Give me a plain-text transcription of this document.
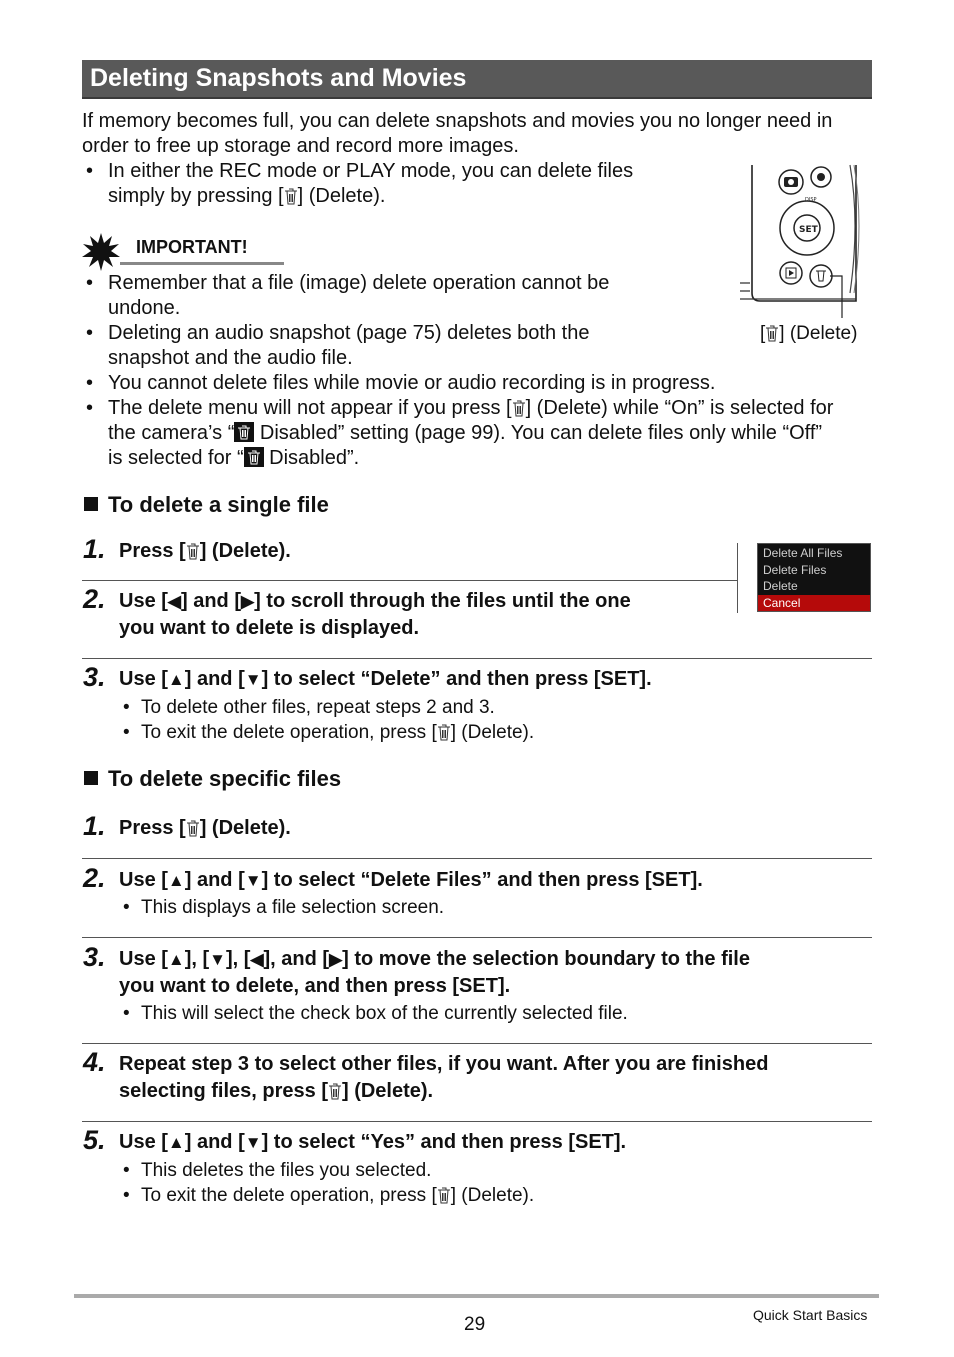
Deleting Snapshots and Movies
If memory becomes full, you can delete snapshots and movies you no longer need in
order to free up storage and record more images.
• In either the REC mode or PLAY mode, you can delete files
simply by pressing [ ] (Delete).	DISP
SET
[ ] (Delete)
IMPORTANT!
• Remember that a file (image) delete operation cannot be
undone.
• Deleting an audio snapshot (page 75) deletes both the
snapshot and the audio file.
• You cannot delete files while movie or audio recording is in progress.
• The delete menu will not appear if you press [ ] (Delete) while “On” is selected for
the camera’s “ Disabled” setting (page 99). You can delete files only while “Off”
is selected for “ Disabled”.
To delete a single file
1. Press [ ] (Delete).	Delete All Files
Delete Files
Delete
Cancel
2. Use [◀] and [▶] to scroll through the files until the one
you want to delete is displayed.
3. Use [▲] and [▼] to select “Delete” and then press [SET].
• To delete other files, repeat steps 2 and 3.
• To exit the delete operation, press [ ] (Delete).
To delete specific files
1. Press [ ] (Delete).
2. Use [▲] and [▼] to select “Delete Files” and then press [SET].
• This displays a file selection screen.
3. Use [▲], [▼], [◀], and [▶] to move the selection boundary to the file
you want to delete, and then press [SET].
• This will select the check box of the currently selected file.
4. Repeat step 3 to select other files, if you want. After you are finished
selecting files, press [ ] (Delete).
5. Use [▲] and [▼] to select “Yes” and then press [SET].
• This deletes the files you selected.
• To exit the delete operation, press [ ] (Delete).
29	Quick Start Basics
